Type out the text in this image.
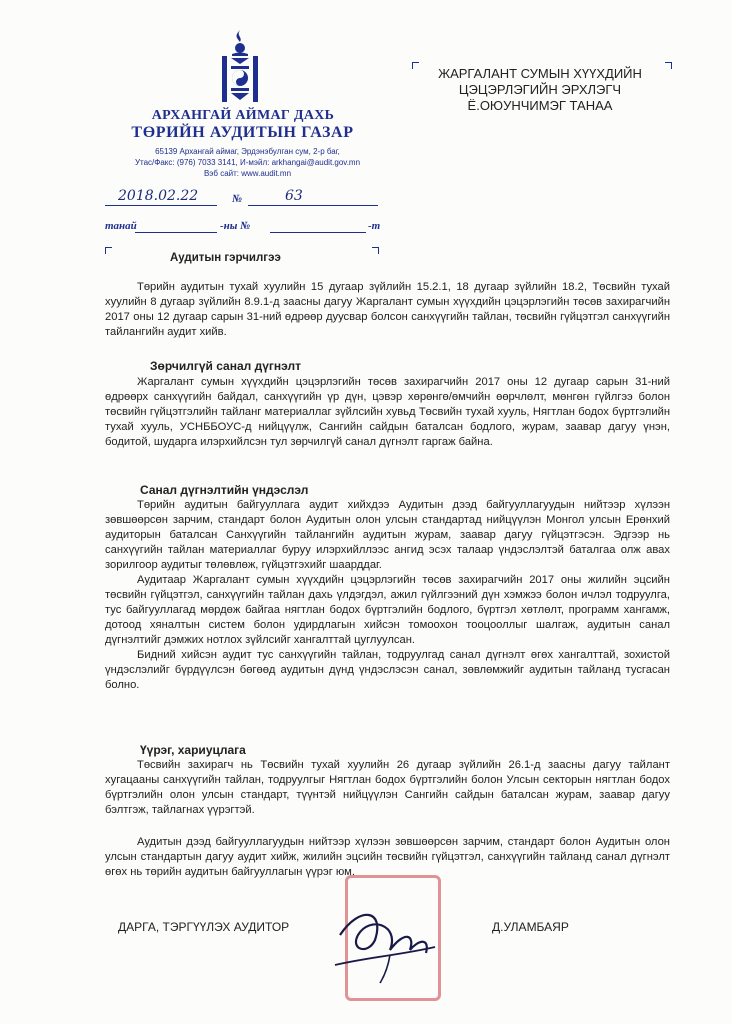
АРХАНГАЙ АЙМАГ ДАХЬ
ТӨРИЙН АУДИТЫН ГАЗАР
65139 Архангай аймаг, Эрдэнэбулган сум, 2-р баг,
Утас/Факс: (976) 7033 3141, И-мэйл: arkhangai@audit.gov.mn
Вэб сайт: www.audit.mn
ЖАРГАЛАНТ СУМЫН ХҮҮХДИЙН
ЦЭЦЭРЛЭГИЙН ЭРХЛЭГЧ
Ё.ОЮУНЧИМЭГ ТАНАА
2018.02.22	№	63
танай	-ны №	-т
Аудитын гэрчилгээ

Төрийн аудитын тухай хуулийн 15 дугаар зүйлийн 15.2.1, 18 дугаар зүйлийн 18.2, Төсвийн тухай хуулийн 8 дугаар зүйлийн 8.9.1-д заасны дагуу Жаргалант сумын хүүхдийн цэцэрлэгийн төсөв захирагчийн 2017 оны 12 дугаар сарын 31-ний өдрөөр дуусвар болсон санхүүгийн тайлан, төсвийн гүйцэтгэл санхүүгийн тайлангийн аудит хийв.

Зөрчилгүй санал дүгнэлт

Жаргалант сумын хүүхдийн цэцэрлэгийн төсөв захирагчийн 2017 оны 12 дугаар сарын 31-ний өдрөөрх санхүүгийн байдал, санхүүгийн үр дүн, цэвэр хөрөнгө/өмчийн өөрчлөлт, мөнгөн гүйлгээ болон төсвийн гүйцэтгэлийн тайланг материаллаг зүйлсийн хувьд Төсвийн тухай хууль, Нягтлан бодох бүртгэлийн тухай хууль, УСНББОУС-д нийцүүлж, Сангийн сайдын баталсан бодлого, журам, заавар дагуу үнэн, бодитой, шударга илэрхийлсэн тул зөрчилгүй санал дүгнэлт гаргаж байна.

Санал дүгнэлтийн үндэслэл

Төрийн аудитын байгууллага аудит хийхдээ Аудитын дээд байгууллагуудын нийтээр хүлээн зөвшөөрсөн зарчим, стандарт болон Аудитын олон улсын стандартад нийцүүлэн Монгол улсын Ерөнхий аудиторын баталсан Санхүүгийн тайлангийн аудитын журам, заавар дагуу гүйцэтгэсэн. Эдгээр нь санхүүгийн тайлан материаллаг буруу илэрхийллээс ангид эсэх талаар үндэслэлтэй баталгаа олж авах зорилгоор аудитыг төлөвлөж, гүйцэтгэхийг шаарддаг.

Аудитаар Жаргалант сумын хүүхдийн цэцэрлэгийн төсөв захирагчийн 2017 оны жилийн эцсийн төсвийн гүйцэтгэл, санхүүгийн тайлан дахь үлдэгдэл, ажил гүйлгээний дүн хэмжээ болон ичлэл тодруулга, тус байгууллагад мөрдөж байгаа нягтлан бодох бүртгэлийн бодлого, бүртгэл хөтлөлт, программ хангамж, дотоод хяналтын систем болон удирдлагын хийсэн томоохон тооцооллыг шалгаж, аудитын санал дүгнэлтийг дэмжих нотлох зүйлсийг хангалттай цуглуулсан.

Бидний хийсэн аудит тус санхүүгийн тайлан, тодруулгад санал дүгнэлт өгөх хангалттай, зохистой үндэслэлийг бүрдүүлсэн бөгөөд аудитын дүнд үндэслэсэн санал, зөвлөмжийг аудитын тайланд тусгасан болно.

Үүрэг, хариуцлага

Төсвийн захирагч нь Төсвийн тухай хуулийн 26 дугаар зүйлийн 26.1-д заасны дагуу тайлант хугацааны санхүүгийн тайлан, тодруулгыг Нягтлан бодох бүртгэлийн болон Улсын секторын нягтлан бодох бүртгэлийн олон улсын стандарт, түүнтэй нийцүүлэн Сангийн сайдын баталсан журам, заавар дагуу бэлтгэж, тайлагнах үүрэгтэй.

Аудитын дээд байгууллагуудын нийтээр хүлээн зөвшөөрсөн зарчим, стандарт болон Аудитын олон улсын стандартын дагуу аудит хийж, жилийн эцсийн төсвийн гүйцэтгэл, санхүүгийн тайланд санал дүгнэлт өгөх нь төрийн аудитын байгууллагын үүрэг юм.

ДАРГА, ТЭРГҮҮЛЭХ АУДИТОР	Д.УЛАМБАЯР
